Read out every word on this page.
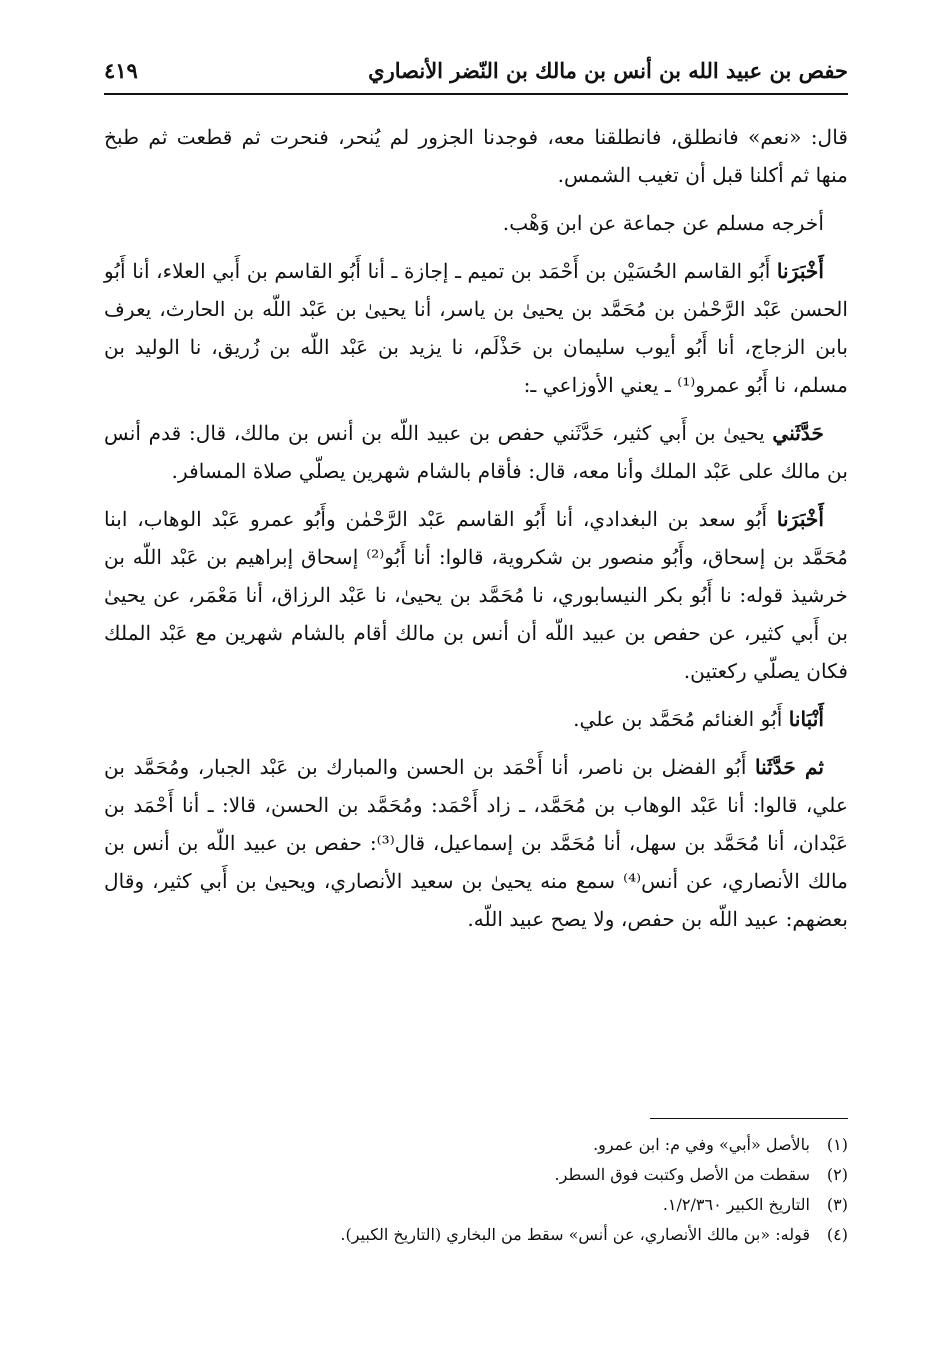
حفص بن عبيد الله بن أنس بن مالك بن النّضر الأنصاري
٤١٩

قال: «نعم» فانطلق، فانطلقنا معه، فوجدنا الجزور لم يُنحر، فنحرت ثم قطعت ثم طبخ منها ثم أكلنا قبل أن تغيب الشمس.

أخرجه مسلم عن جماعة عن ابن وَهْب.

أَخْبَرَنا أَبُو القاسم الحُسَيْن بن أَحْمَد بن تميم ـ إجازة ـ أنا أَبُو القاسم بن أَبي العلاء، أنا أَبُو الحسن عَبْد الرَّحْمٰن بن مُحَمَّد بن يحيىٰ بن ياسر، أنا يحيىٰ بن عَبْد اللّه بن الحارث، يعرف بابن الزجاج، أنا أَبُو أيوب سليمان بن حَذْلَم، نا يزيد بن عَبْد اللّه بن زُريق، نا الوليد بن مسلم، نا أَبُو عمرو⁽¹⁾ ـ يعني الأوزاعي ـ:

حَدَّثَني يحيىٰ بن أَبي كثير، حَدَّثَني حفص بن عبيد اللّه بن أنس بن مالك، قال: قدم أنس بن مالك على عَبْد الملك وأنا معه، قال: فأقام بالشام شهرين يصلّي صلاة المسافر.

أَخْبَرَنا أَبُو سعد بن البغدادي، أنا أَبُو القاسم عَبْد الرَّحْمٰن وأَبُو عمرو عَبْد الوهاب، ابنا مُحَمَّد بن إسحاق، وأَبُو منصور بن شكروية، قالوا: أنا أَبُو⁽²⁾ إسحاق إبراهيم بن عَبْد اللّه بن خرشيذ قوله: نا أَبُو بكر النيسابوري، نا مُحَمَّد بن يحيىٰ، نا عَبْد الرزاق، أنا مَعْمَر، عن يحيىٰ بن أَبي كثير، عن حفص بن عبيد اللّه أن أنس بن مالك أقام بالشام شهرين مع عَبْد الملك فكان يصلّي ركعتين.

أَنْبَانا أَبُو الغنائم مُحَمَّد بن علي.

ثم حَدَّثَنا أَبُو الفضل بن ناصر، أنا أَحْمَد بن الحسن والمبارك بن عَبْد الجبار، ومُحَمَّد بن علي، قالوا: أنا عَبْد الوهاب بن مُحَمَّد، ـ زاد أَحْمَد: ومُحَمَّد بن الحسن، قالا: ـ أنا أَحْمَد بن عَبْدان، أنا مُحَمَّد بن سهل، أنا مُحَمَّد بن إسماعيل، قال⁽³⁾: حفص بن عبيد اللّه بن أنس بن مالك الأنصاري، عن أنس⁽⁴⁾ سمع منه يحيىٰ بن سعيد الأنصاري، ويحيىٰ بن أَبي كثير، وقال بعضهم: عبيد اللّه بن حفص، ولا يصح عبيد اللّه.

(١)
بالأصل «أبي» وفي م: ابن عمرو.
(٢)
سقطت من الأصل وكتبت فوق السطر.
(٣)
التاريخ الكبير ١/٢/٣٦٠.
(٤)
قوله: «بن مالك الأنصاري، عن أنس» سقط من البخاري (التاريخ الكبير).
